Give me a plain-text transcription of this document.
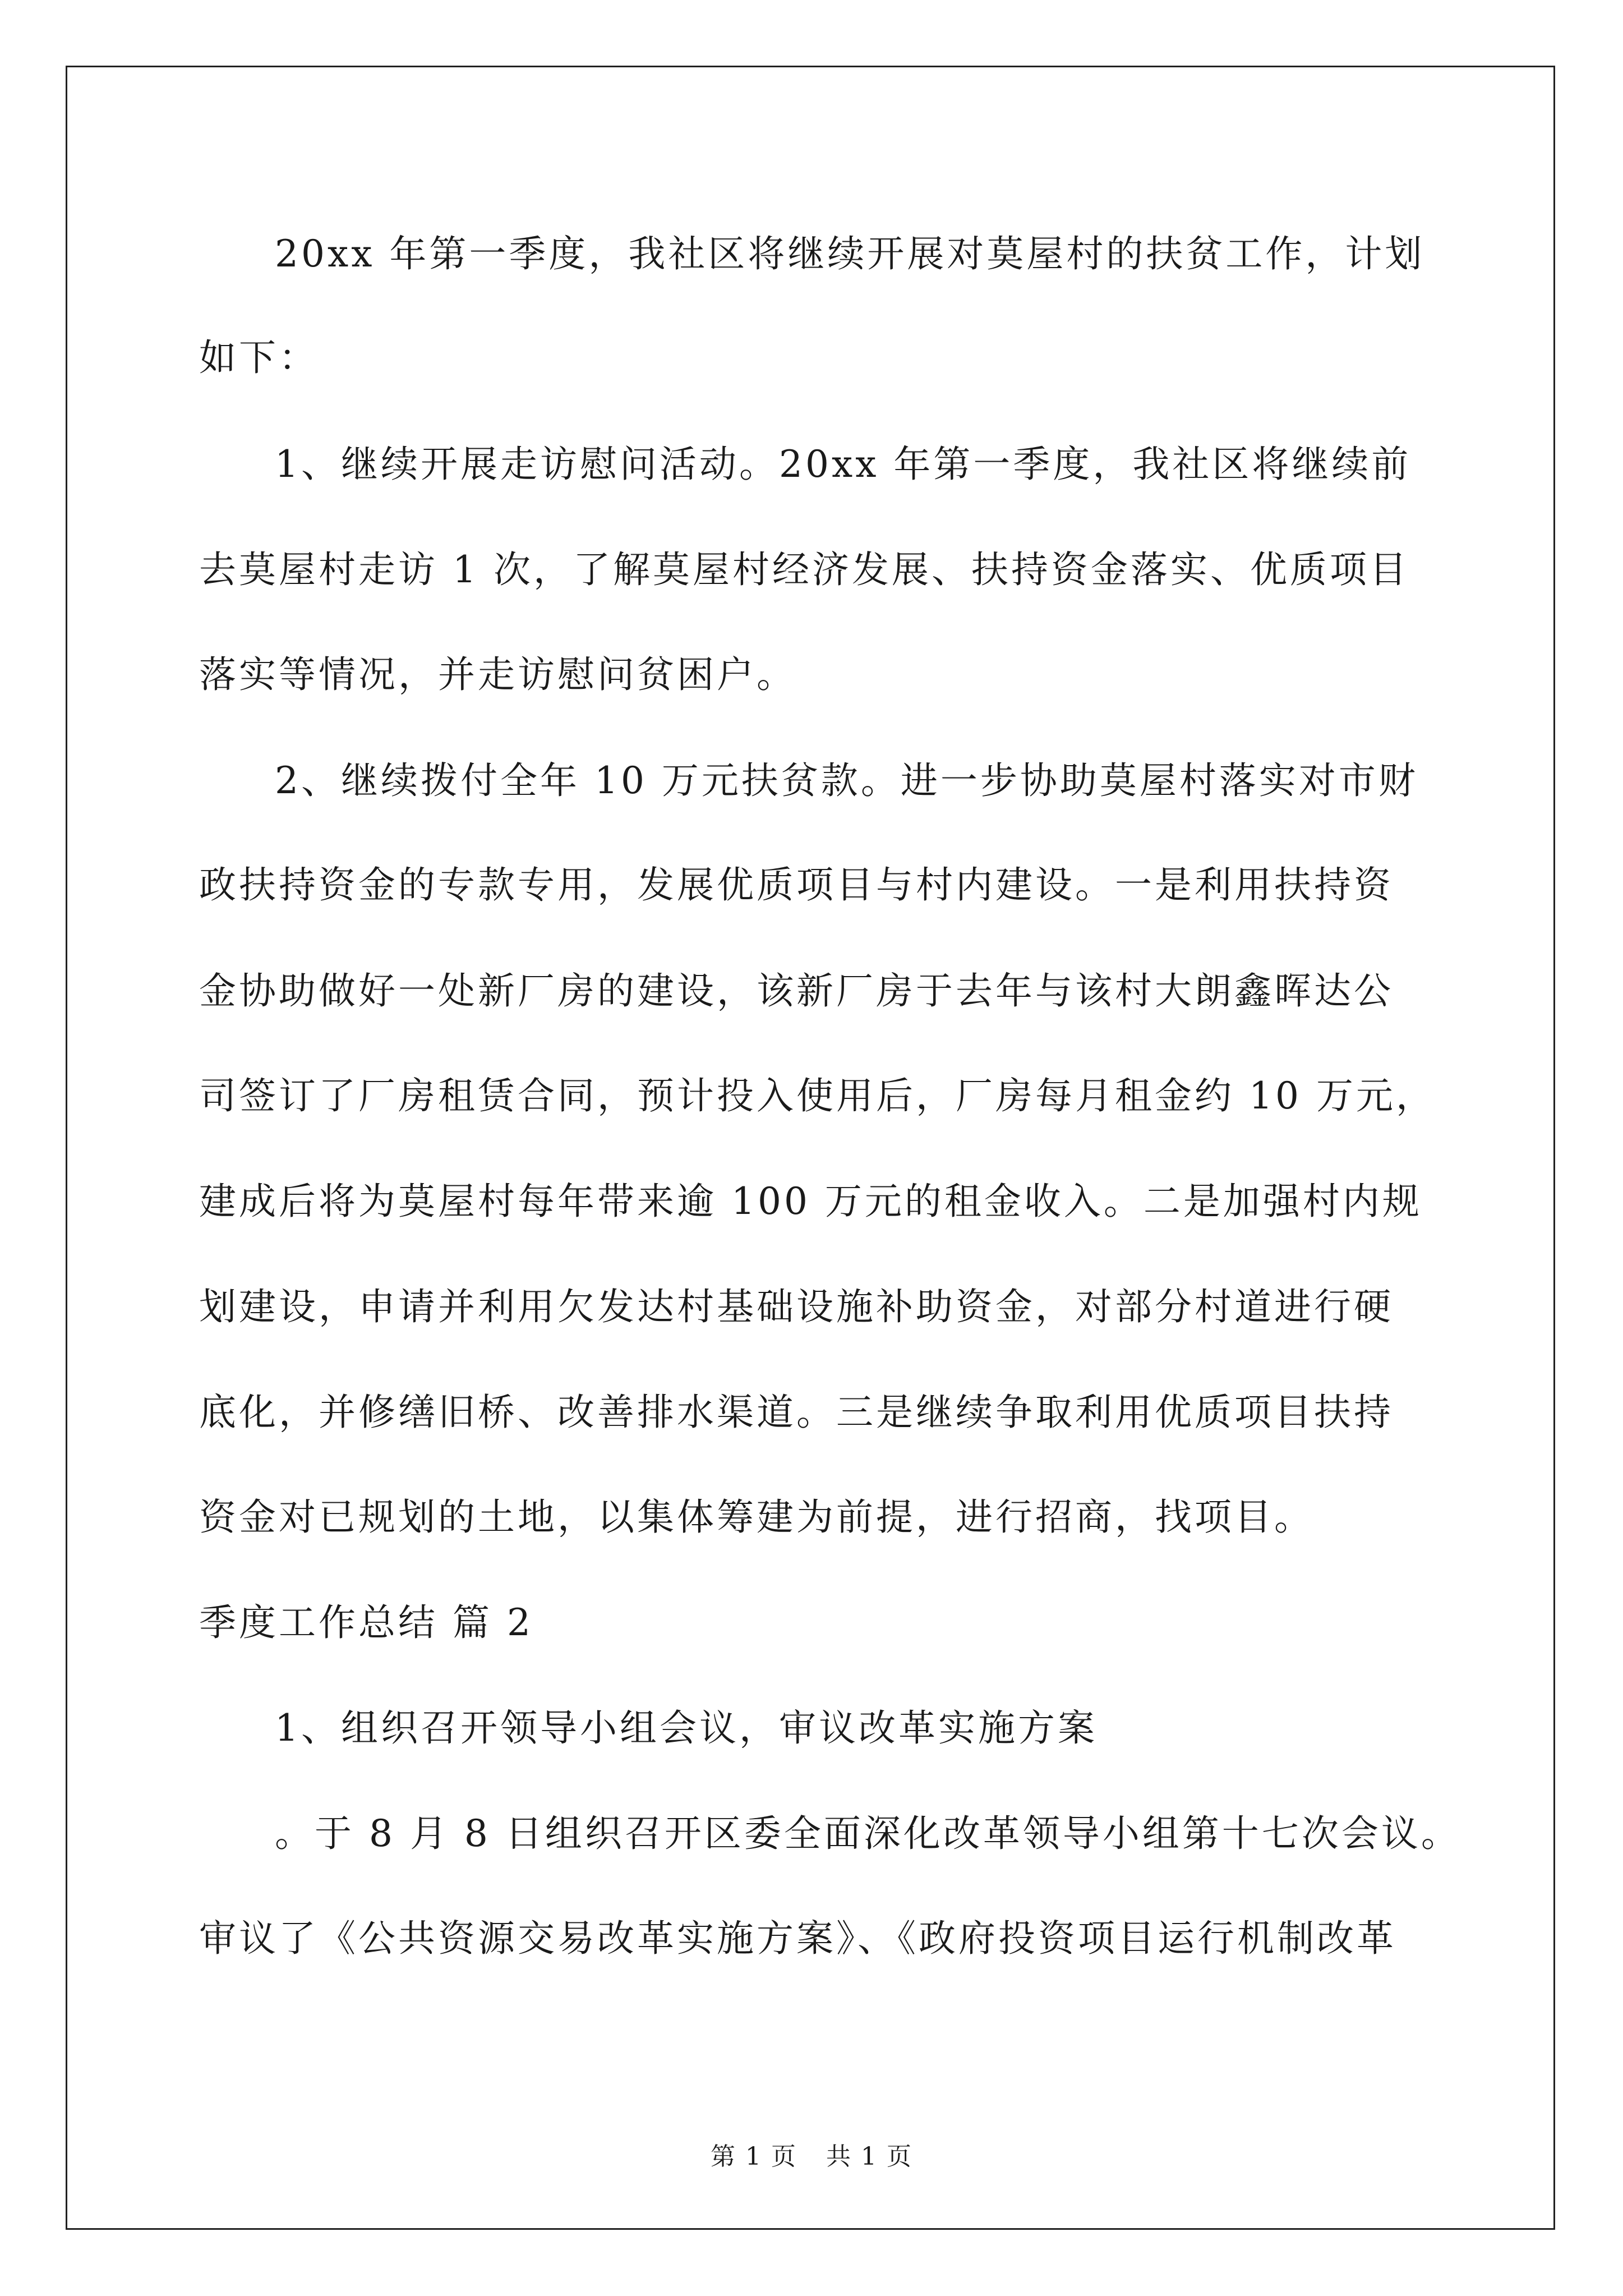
20xx 年第一季度，我社区将继续开展对莫屋村的扶贫工作，计划
如下：
1、继续开展走访慰问活动。20xx 年第一季度，我社区将继续前
去莫屋村走访 1 次，了解莫屋村经济发展、扶持资金落实、优质项目
落实等情况，并走访慰问贫困户。
2、继续拨付全年 10 万元扶贫款。进一步协助莫屋村落实对市财
政扶持资金的专款专用，发展优质项目与村内建设。一是利用扶持资
金协助做好一处新厂房的建设，该新厂房于去年与该村大朗鑫晖达公
司签订了厂房租赁合同，预计投入使用后，厂房每月租金约 10 万元，
建成后将为莫屋村每年带来逾 100 万元的租金收入。二是加强村内规
划建设，申请并利用欠发达村基础设施补助资金，对部分村道进行硬
底化，并修缮旧桥、改善排水渠道。三是继续争取利用优质项目扶持
资金对已规划的土地，以集体筹建为前提，进行招商，找项目。
季度工作总结 篇 2
1、组织召开领导小组会议，审议改革实施方案
。于 8 月 8 日组织召开区委全面深化改革领导小组第十七次会议。
审议了《公共资源交易改革实施方案》、《政府投资项目运行机制改革
第 1 页 共 1 页
